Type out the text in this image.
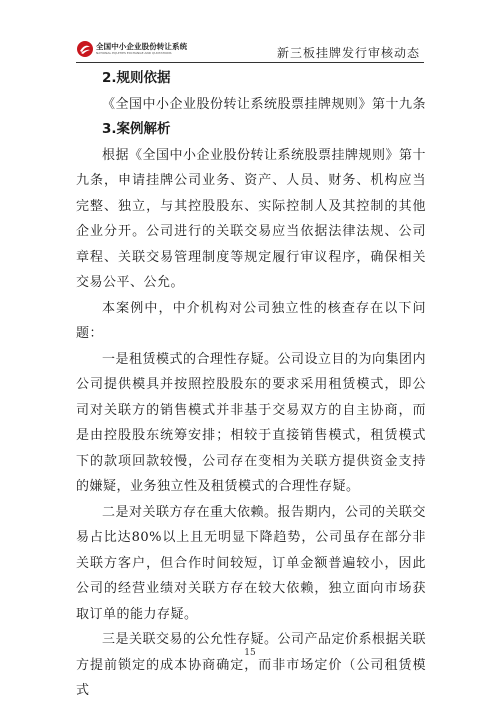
全国中小企业股份转让系统
NATIONAL EQUITIES EXCHANGE AND QUOTATIONS	新三板挂牌发行审核动态

2.规则依据

《全国中小企业股份转让系统股票挂牌规则》第十九条

3.案例解析

根据《全国中小企业股份转让系统股票挂牌规则》第十九条，申请挂牌公司业务、资产、人员、财务、机构应当完整、独立，与其控股股东、实际控制人及其控制的其他企业分开。公司进行的关联交易应当依据法律法规、公司章程、关联交易管理制度等规定履行审议程序，确保相关交易公平、公允。

本案例中，中介机构对公司独立性的核查存在以下问题：

一是租赁模式的合理性存疑。公司设立目的为向集团内公司提供模具并按照控股股东的要求采用租赁模式，即公司对关联方的销售模式并非基于交易双方的自主协商，而是由控股股东统筹安排；相较于直接销售模式，租赁模式下的款项回款较慢，公司存在变相为关联方提供资金支持的嫌疑，业务独立性及租赁模式的合理性存疑。

二是对关联方存在重大依赖。报告期内，公司的关联交易占比达80%以上且无明显下降趋势，公司虽存在部分非关联方客户，但合作时间较短，订单金额普遍较小，因此公司的经营业绩对关联方存在较大依赖，独立面向市场获取订单的能力存疑。

三是关联交易的公允性存疑。公司产品定价系根据关联方提前锁定的成本协商确定，而非市场定价（公司租赁模式

15
